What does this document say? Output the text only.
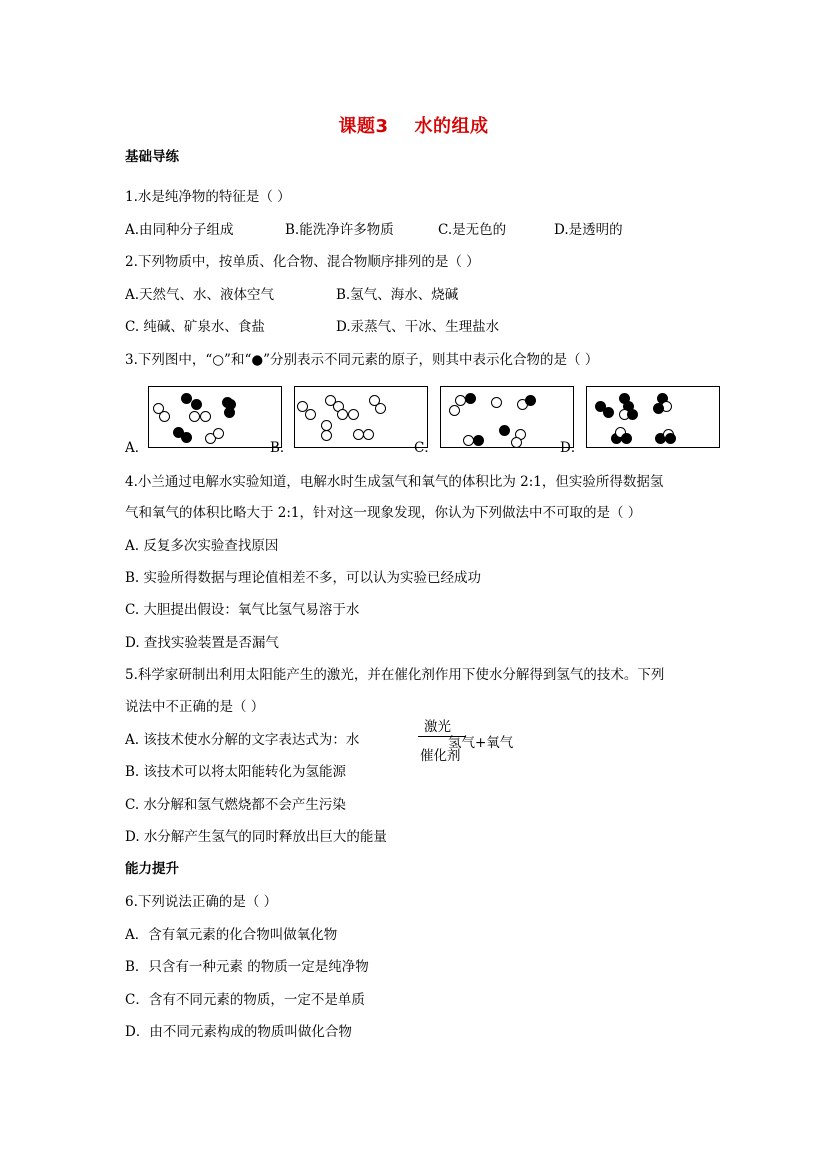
课题3 水的组成
基础导练
1.水是纯净物的特征是（ ）
A.由同种分子组成	B.能洗净许多物质	C.是无色的	D.是透明的
2.下列物质中，按单质、化合物、混合物顺序排列的是（ ）
A.天然气、水、液体空气	B.氢气、海水、烧碱
C. 纯碱、矿泉水、食盐	D.汞蒸气、干冰、生理盐水
3.下列图中，“○”和“●”分别表示不同元素的原子，则其中表示化合物的是（ ）
A．	B．	C．	D．
4.小兰通过电解水实验知道，电解水时生成氢气和氧气的体积比为 2:1，但实验所得数据氢
气和氧气的体积比略大于 2:1，针对这一现象发现，你认为下列做法中不可取的是（ ）
A. 反复多次实验查找原因
B. 实验所得数据与理论值相差不多，可以认为实验已经成功
C. 大胆提出假设：氧气比氢气易溶于水
D. 查找实验装置是否漏气
5.科学家研制出利用太阳能产生的激光，并在催化剂作用下使水分解得到氢气的技术。下列
说法中不正确的是（ ）
A. 该技术使水分解的文字表达式为：水
激光
催化剂
氢气+氧气
B. 该技术可以将太阳能转化为氢能源
C. 水分解和氢气燃烧都不会产生污染
D. 水分解产生氢气的同时释放出巨大的能量
能力提升
6.下列说法正确的是（ ）
A．含有氧元素的化合物叫做氧化物
B．只含有一种元素 的物质一定是纯净物
C．含有不同元素的物质，一定不是单质
D．由不同元素构成的物质叫做化合物
